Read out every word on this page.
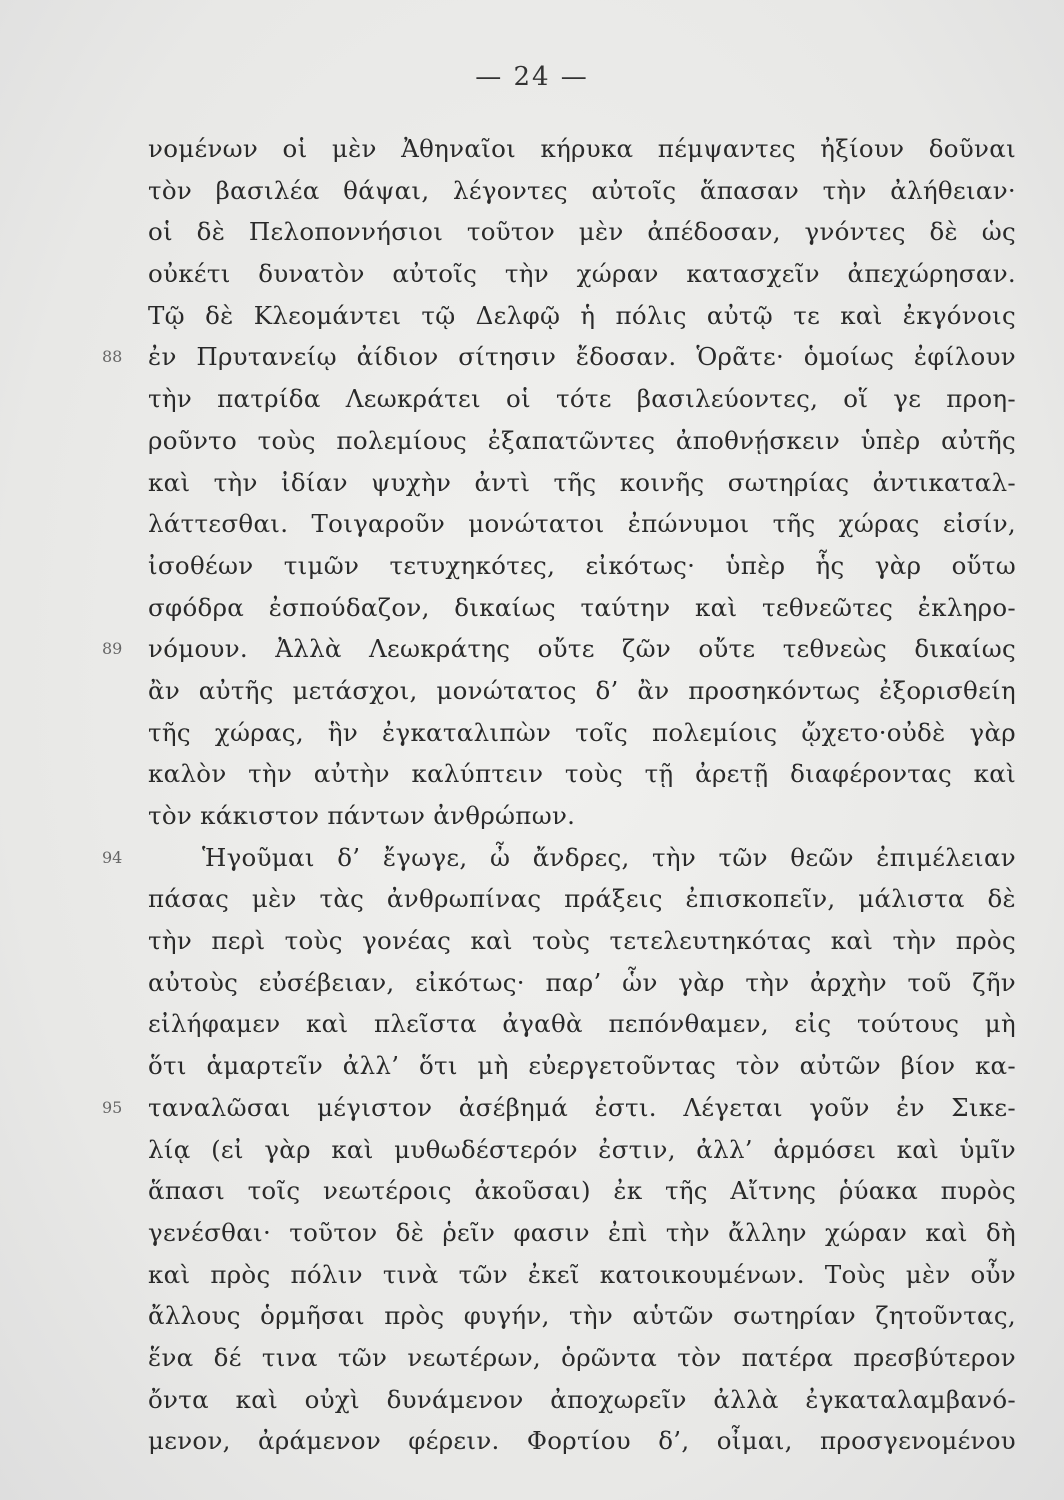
— 24 —
νομένων οἱ μὲν Ἀθηναῖοι κήρυκα πέμψαντες ἠξίουν δοῦναι
τὸν βασιλέα θάψαι, λέγοντες αὐτοῖς ἅπασαν τὴν ἀλήθειαν·
οἱ δὲ Πελοποννήσιοι τοῦτον μὲν ἀπέδοσαν, γνόντες δὲ ὡς
οὐκέτι δυνατὸν αὐτοῖς τὴν χώραν κατασχεῖν ἀπεχώρησαν.
Τῷ δὲ Κλεομάντει τῷ Δελφῷ ἡ πόλις αὐτῷ τε καὶ ἐκγόνοις
88 ἐν Πρυτανείῳ ἀίδιον σίτησιν ἔδοσαν. Ὁρᾶτε· ὁμοίως ἐφίλουν
τὴν πατρίδα Λεωκράτει οἱ τότε βασιλεύοντες, οἵ γε προη-
ροῦντο τοὺς πολεμίους ἐξαπατῶντες ἀποθνῄσκειν ὑπὲρ αὐτῆς
καὶ τὴν ἰδίαν ψυχὴν ἀντὶ τῆς κοινῆς σωτηρίας ἀντικαταλ-
λάττεσθαι. Τοιγαροῦν μονώτατοι ἐπώνυμοι τῆς χώρας εἰσίν,
ἰσοθέων τιμῶν τετυχηκότες, εἰκότως· ὑπὲρ ἧς γὰρ οὕτω
σφόδρα ἐσπούδαζον, δικαίως ταύτην καὶ τεθνεῶτες ἐκληρο-
89 νόμουν. Ἀλλὰ Λεωκράτης οὔτε ζῶν οὔτε τεθνεὼς δικαίως
ἂν αὐτῆς μετάσχοι, μονώτατος δ’ ἂν προσηκόντως ἐξορισθείη
τῆς χώρας, ἣν ἐγκαταλιπὼν τοῖς πολεμίοις ᾤχετο·οὐδὲ γὰρ
καλὸν τὴν αὐτὴν καλύπτειν τοὺς τῇ ἀρετῇ διαφέροντας καὶ
τὸν κάκιστον πάντων ἀνθρώπων.
94	Ἡγοῦμαι δ’ ἔγωγε, ὦ ἄνδρες, τὴν τῶν θεῶν ἐπιμέλειαν
πάσας μὲν τὰς ἀνθρωπίνας πράξεις ἐπισκοπεῖν, μάλιστα δὲ
τὴν περὶ τοὺς γονέας καὶ τοὺς τετελευτηκότας καὶ τὴν πρὸς
αὐτοὺς εὐσέβειαν, εἰκότως· παρ’ ὧν γὰρ τὴν ἀρχὴν τοῦ ζῆν
εἰλήφαμεν καὶ πλεῖστα ἀγαθὰ πεπόνθαμεν, εἰς τούτους μὴ
ὅτι ἁμαρτεῖν ἀλλ’ ὅτι μὴ εὐεργετοῦντας τὸν αὐτῶν βίον κα-
95 ταναλῶσαι μέγιστον ἀσέβημά ἐστι. Λέγεται γοῦν ἐν Σικε-
λίᾳ (εἰ γὰρ καὶ μυθωδέστερόν ἐστιν, ἀλλ’ ἁρμόσει καὶ ὑμῖν
ἅπασι τοῖς νεωτέροις ἀκοῦσαι) ἐκ τῆς Αἴτνης ῥύακα πυρὸς
γενέσθαι· τοῦτον δὲ ῥεῖν φασιν ἐπὶ τὴν ἄλλην χώραν καὶ δὴ
καὶ πρὸς πόλιν τινὰ τῶν ἐκεῖ κατοικουμένων. Τοὺς μὲν οὖν
ἄλλους ὁρμῆσαι πρὸς φυγήν, τὴν αὑτῶν σωτηρίαν ζητοῦντας,
ἕνα δέ τινα τῶν νεωτέρων, ὁρῶντα τὸν πατέρα πρεσβύτερον
ὄντα καὶ οὐχὶ δυνάμενον ἀποχωρεῖν ἀλλὰ ἐγκαταλαμβανό-
μενον, ἀράμενον φέρειν. Φορτίου δ’, οἶμαι, προσγενομένου
